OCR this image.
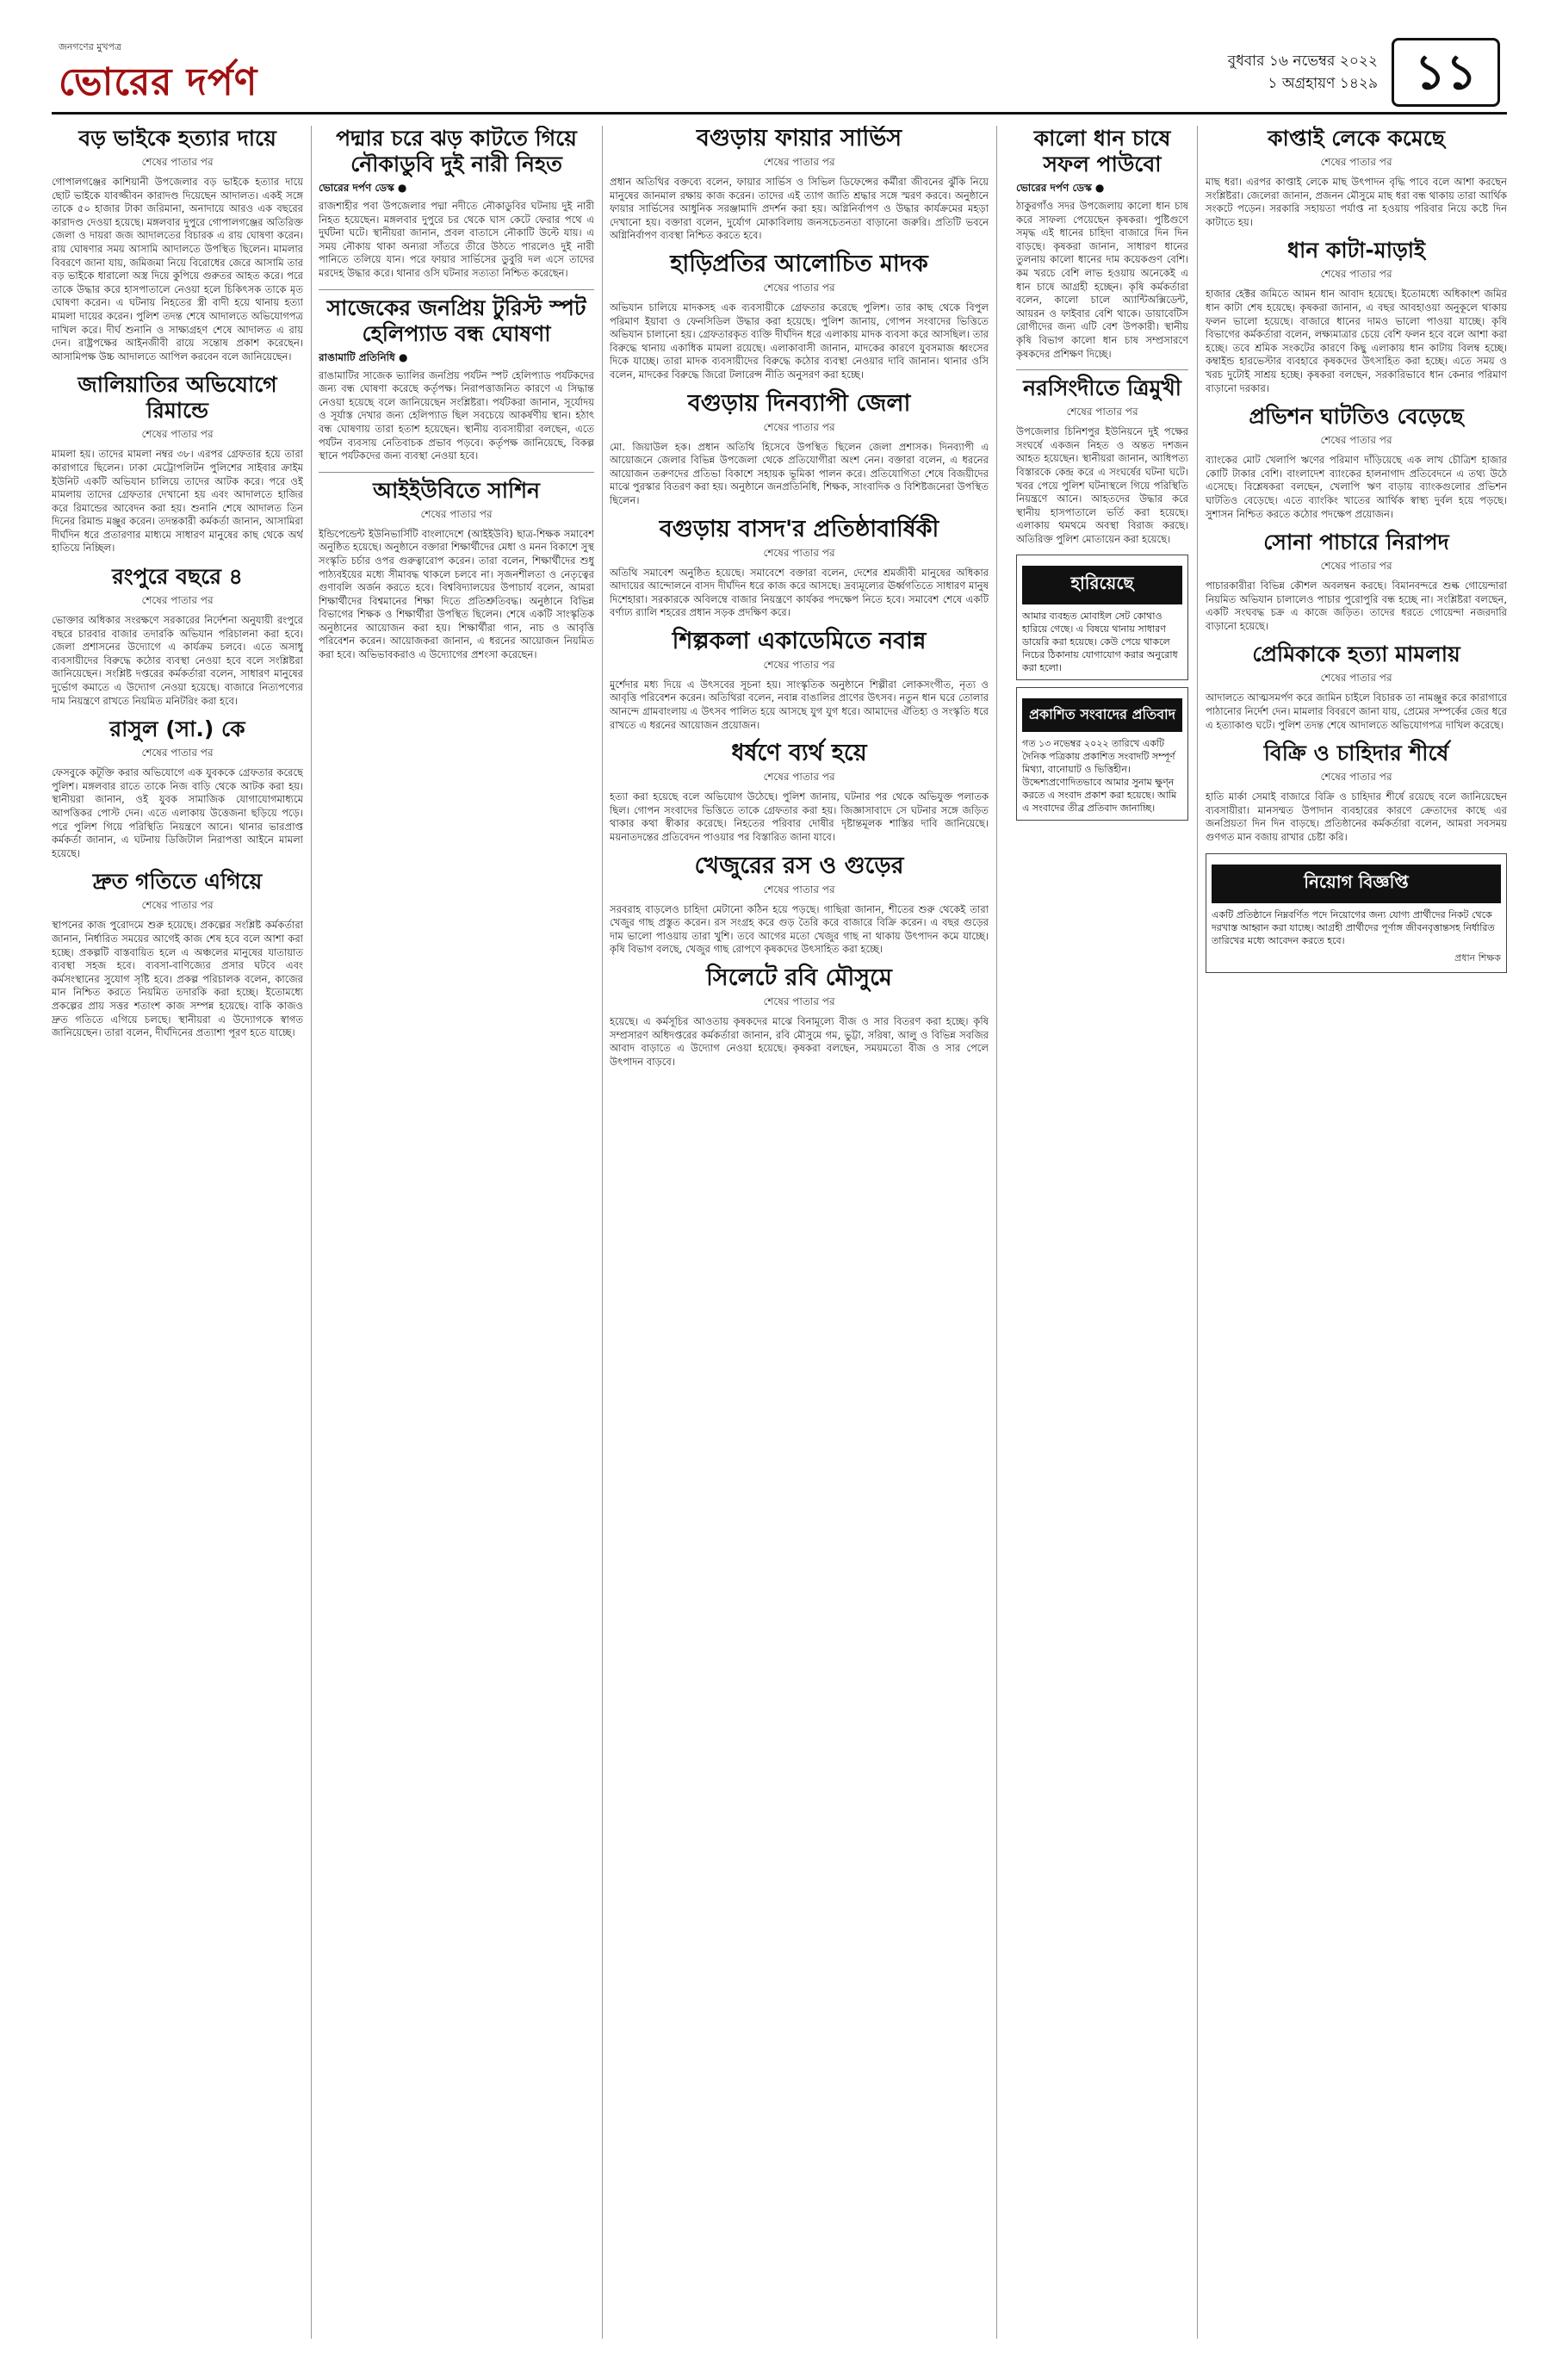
জনগণের মুখপত্র
ভোরের দর্পণ	বুধবার ১৬ নভেম্বর ২০২২
১ অগ্রহায়ণ ১৪২৯ ১১
বড় ভাইকে হত্যার দায়ে
শেষের পাতার পর

গোপালগঞ্জের কাশিয়ানী উপজেলার বড় ভাইকে হত্যার দায়ে ছোট ভাইকে যাবজ্জীবন কারাদণ্ড দিয়েছেন আদালত। একই সঙ্গে তাকে ৫০ হাজার টাকা জরিমানা, অনাদায়ে আরও এক বছরের কারাদণ্ড দেওয়া হয়েছে। মঙ্গলবার দুপুরে গোপালগঞ্জের অতিরিক্ত জেলা ও দায়রা জজ আদালতের বিচারক এ রায় ঘোষণা করেন। রায় ঘোষণার সময় আসামি আদালতে উপস্থিত ছিলেন। মামলার বিবরণে জানা যায়, জমিজমা নিয়ে বিরোধের জেরে আসামি তার বড় ভাইকে ধারালো অস্ত্র দিয়ে কুপিয়ে গুরুতর আহত করে। পরে তাকে উদ্ধার করে হাসপাতালে নেওয়া হলে চিকিৎসক তাকে মৃত ঘোষণা করেন। এ ঘটনায় নিহতের স্ত্রী বাদী হয়ে থানায় হত্যা মামলা দায়ের করেন। পুলিশ তদন্ত শেষে আদালতে অভিযোগপত্র দাখিল করে। দীর্ঘ শুনানি ও সাক্ষ্যগ্রহণ শেষে আদালত এ রায় দেন। রাষ্ট্রপক্ষের আইনজীবী রায়ে সন্তোষ প্রকাশ করেছেন। আসামিপক্ষ উচ্চ আদালতে আপিল করবেন বলে জানিয়েছেন।

জালিয়াতির অভিযোগে রিমান্ডে
শেষের পাতার পর

মামলা হয়। তাদের মামলা নম্বর ৩৮। এরপর গ্রেফতার হয়ে তারা কারাগারে ছিলেন। ঢাকা মেট্রোপলিটন পুলিশের সাইবার ক্রাইম ইউনিট একটি অভিযান চালিয়ে তাদের আটক করে। পরে ওই মামলায় তাদের গ্রেফতার দেখানো হয় এবং আদালতে হাজির করে রিমান্ডের আবেদন করা হয়। শুনানি শেষে আদালত তিন দিনের রিমান্ড মঞ্জুর করেন। তদন্তকারী কর্মকর্তা জানান, আসামিরা দীর্ঘদিন ধরে প্রতারণার মাধ্যমে সাধারণ মানুষের কাছ থেকে অর্থ হাতিয়ে নিচ্ছিল।

রংপুরে বছরে ৪
শেষের পাতার পর

ভোক্তার অধিকার সংরক্ষণে সরকারের নির্দেশনা অনুযায়ী রংপুরে বছরে চারবার বাজার তদারকি অভিযান পরিচালনা করা হবে। জেলা প্রশাসনের উদ্যোগে এ কার্যক্রম চলবে। এতে অসাধু ব্যবসায়ীদের বিরুদ্ধে কঠোর ব্যবস্থা নেওয়া হবে বলে সংশ্লিষ্টরা জানিয়েছেন। সংশ্লিষ্ট দপ্তরের কর্মকর্তারা বলেন, সাধারণ মানুষের দুর্ভোগ কমাতে এ উদ্যোগ নেওয়া হয়েছে। বাজারে নিত্যপণ্যের দাম নিয়ন্ত্রণে রাখতে নিয়মিত মনিটরিং করা হবে।

রাসুল (সা.) কে
শেষের পাতার পর

ফেসবুকে কটূক্তি করার অভিযোগে এক যুবককে গ্রেফতার করেছে পুলিশ। মঙ্গলবার রাতে তাকে নিজ বাড়ি থেকে আটক করা হয়। স্থানীয়রা জানান, ওই যুবক সামাজিক যোগাযোগমাধ্যমে আপত্তিকর পোস্ট দেন। এতে এলাকায় উত্তেজনা ছড়িয়ে পড়ে। পরে পুলিশ গিয়ে পরিস্থিতি নিয়ন্ত্রণে আনে। থানার ভারপ্রাপ্ত কর্মকর্তা জানান, এ ঘটনায় ডিজিটাল নিরাপত্তা আইনে মামলা হয়েছে।

দ্রুত গতিতে এগিয়ে
শেষের পাতার পর

স্থাপনের কাজ পুরোদমে শুরু হয়েছে। প্রকল্পের সংশ্লিষ্ট কর্মকর্তারা জানান, নির্ধারিত সময়ের আগেই কাজ শেষ হবে বলে আশা করা হচ্ছে। প্রকল্পটি বাস্তবায়িত হলে এ অঞ্চলের মানুষের যাতায়াত ব্যবস্থা সহজ হবে। ব্যবসা-বাণিজ্যের প্রসার ঘটবে এবং কর্মসংস্থানের সুযোগ সৃষ্টি হবে। প্রকল্প পরিচালক বলেন, কাজের মান নিশ্চিত করতে নিয়মিত তদারকি করা হচ্ছে। ইতোমধ্যে প্রকল্পের প্রায় সত্তর শতাংশ কাজ সম্পন্ন হয়েছে। বাকি কাজও দ্রুত গতিতে এগিয়ে চলছে। স্থানীয়রা এ উদ্যোগকে স্বাগত জানিয়েছেন। তারা বলেন, দীর্ঘদিনের প্রত্যাশা পূরণ হতে যাচ্ছে।

পদ্মার চরে ঝড় কাটতে গিয়ে নৌকাডুবি দুই নারী নিহত
ভোরের দর্পণ ডেস্ক ●

রাজশাহীর পবা উপজেলার পদ্মা নদীতে নৌকাডুবির ঘটনায় দুই নারী নিহত হয়েছেন। মঙ্গলবার দুপুরে চর থেকে ঘাস কেটে ফেরার পথে এ দুর্ঘটনা ঘটে। স্থানীয়রা জানান, প্রবল বাতাসে নৌকাটি উল্টে যায়। এ সময় নৌকায় থাকা অন্যরা সাঁতরে তীরে উঠতে পারলেও দুই নারী পানিতে তলিয়ে যান। পরে ফায়ার সার্ভিসের ডুবুরি দল এসে তাদের মরদেহ উদ্ধার করে। থানার ওসি ঘটনার সত্যতা নিশ্চিত করেছেন।

সাজেকের জনপ্রিয় টুরিস্ট স্পট হেলিপ্যাড বন্ধ ঘোষণা
রাঙামাটি প্রতিনিধি ●

রাঙামাটির সাজেক ভ্যালির জনপ্রিয় পর্যটন স্পট হেলিপ্যাড পর্যটকদের জন্য বন্ধ ঘোষণা করেছে কর্তৃপক্ষ। নিরাপত্তাজনিত কারণে এ সিদ্ধান্ত নেওয়া হয়েছে বলে জানিয়েছেন সংশ্লিষ্টরা। পর্যটকরা জানান, সূর্যোদয় ও সূর্যাস্ত দেখার জন্য হেলিপ্যাড ছিল সবচেয়ে আকর্ষণীয় স্থান। হঠাৎ বন্ধ ঘোষণায় তারা হতাশ হয়েছেন। স্থানীয় ব্যবসায়ীরা বলছেন, এতে পর্যটন ব্যবসায় নেতিবাচক প্রভাব পড়বে। কর্তৃপক্ষ জানিয়েছে, বিকল্প স্থানে পর্যটকদের জন্য ব্যবস্থা নেওয়া হবে।

আইইউবিতে সাশিন
শেষের পাতার পর

ইন্ডিপেন্ডেন্ট ইউনিভার্সিটি বাংলাদেশে (আইইউবি) ছাত্র-শিক্ষক সমাবেশ অনুষ্ঠিত হয়েছে। অনুষ্ঠানে বক্তারা শিক্ষার্থীদের মেধা ও মনন বিকাশে সুস্থ সংস্কৃতি চর্চার ওপর গুরুত্বারোপ করেন। তারা বলেন, শিক্ষার্থীদের শুধু পাঠ্যবইয়ের মধ্যে সীমাবদ্ধ থাকলে চলবে না। সৃজনশীলতা ও নেতৃত্বের গুণাবলি অর্জন করতে হবে। বিশ্ববিদ্যালয়ের উপাচার্য বলেন, আমরা শিক্ষার্থীদের বিশ্বমানের শিক্ষা দিতে প্রতিশ্রুতিবদ্ধ। অনুষ্ঠানে বিভিন্ন বিভাগের শিক্ষক ও শিক্ষার্থীরা উপস্থিত ছিলেন। শেষে একটি সাংস্কৃতিক অনুষ্ঠানের আয়োজন করা হয়। শিক্ষার্থীরা গান, নাচ ও আবৃত্তি পরিবেশন করেন। আয়োজকরা জানান, এ ধরনের আয়োজন নিয়মিত করা হবে। অভিভাবকরাও এ উদ্যোগের প্রশংসা করেছেন।

বগুড়ায় ফায়ার সার্ভিস
শেষের পাতার পর

প্রধান অতিথির বক্তব্যে বলেন, ফায়ার সার্ভিস ও সিভিল ডিফেন্সের কর্মীরা জীবনের ঝুঁকি নিয়ে মানুষের জানমাল রক্ষায় কাজ করেন। তাদের এই ত্যাগ জাতি শ্রদ্ধার সঙ্গে স্মরণ করবে। অনুষ্ঠানে ফায়ার সার্ভিসের আধুনিক সরঞ্জামাদি প্রদর্শন করা হয়। অগ্নিনির্বাপণ ও উদ্ধার কার্যক্রমের মহড়া দেখানো হয়। বক্তারা বলেন, দুর্যোগ মোকাবিলায় জনসচেতনতা বাড়ানো জরুরি। প্রতিটি ভবনে অগ্নিনির্বাপণ ব্যবস্থা নিশ্চিত করতে হবে।

হাড়িপ্রতির আলোচিত মাদক
শেষের পাতার পর

অভিযান চালিয়ে মাদকসহ এক ব্যবসায়ীকে গ্রেফতার করেছে পুলিশ। তার কাছ থেকে বিপুল পরিমাণ ইয়াবা ও ফেনসিডিল উদ্ধার করা হয়েছে। পুলিশ জানায়, গোপন সংবাদের ভিত্তিতে অভিযান চালানো হয়। গ্রেফতারকৃত ব্যক্তি দীর্ঘদিন ধরে এলাকায় মাদক ব্যবসা করে আসছিল। তার বিরুদ্ধে থানায় একাধিক মামলা রয়েছে। এলাকাবাসী জানান, মাদকের কারণে যুবসমাজ ধ্বংসের দিকে যাচ্ছে। তারা মাদক ব্যবসায়ীদের বিরুদ্ধে কঠোর ব্যবস্থা নেওয়ার দাবি জানান। থানার ওসি বলেন, মাদকের বিরুদ্ধে জিরো টলারেন্স নীতি অনুসরণ করা হচ্ছে।

বগুড়ায় দিনব্যাপী জেলা
শেষের পাতার পর

মো. জিয়াউল হক। প্রধান অতিথি হিসেবে উপস্থিত ছিলেন জেলা প্রশাসক। দিনব্যাপী এ আয়োজনে জেলার বিভিন্ন উপজেলা থেকে প্রতিযোগীরা অংশ নেন। বক্তারা বলেন, এ ধরনের আয়োজন তরুণদের প্রতিভা বিকাশে সহায়ক ভূমিকা পালন করে। প্রতিযোগিতা শেষে বিজয়ীদের মাঝে পুরস্কার বিতরণ করা হয়। অনুষ্ঠানে জনপ্রতিনিধি, শিক্ষক, সাংবাদিক ও বিশিষ্টজনেরা উপস্থিত ছিলেন।

বগুড়ায় বাসদ'র প্রতিষ্ঠাবার্ষিকী
শেষের পাতার পর

অতিথি সমাবেশ অনুষ্ঠিত হয়েছে। সমাবেশে বক্তারা বলেন, দেশের শ্রমজীবী মানুষের অধিকার আদায়ের আন্দোলনে বাসদ দীর্ঘদিন ধরে কাজ করে আসছে। দ্রব্যমূল্যের ঊর্ধ্বগতিতে সাধারণ মানুষ দিশেহারা। সরকারকে অবিলম্বে বাজার নিয়ন্ত্রণে কার্যকর পদক্ষেপ নিতে হবে। সমাবেশ শেষে একটি বর্ণাঢ্য র‍্যালি শহরের প্রধান সড়ক প্রদক্ষিণ করে।

শিল্পকলা একাডেমিতে নবান্ন
শেষের পাতার পর

মুর্শেদার মধ্য দিয়ে এ উৎসবের সূচনা হয়। সাংস্কৃতিক অনুষ্ঠানে শিল্পীরা লোকসংগীত, নৃত্য ও আবৃত্তি পরিবেশন করেন। অতিথিরা বলেন, নবান্ন বাঙালির প্রাণের উৎসব। নতুন ধান ঘরে তোলার আনন্দে গ্রামবাংলায় এ উৎসব পালিত হয়ে আসছে যুগ যুগ ধরে। আমাদের ঐতিহ্য ও সংস্কৃতি ধরে রাখতে এ ধরনের আয়োজন প্রয়োজন।

ধর্ষণে ব্যর্থ হয়ে
শেষের পাতার পর

হত্যা করা হয়েছে বলে অভিযোগ উঠেছে। পুলিশ জানায়, ঘটনার পর থেকে অভিযুক্ত পলাতক ছিল। গোপন সংবাদের ভিত্তিতে তাকে গ্রেফতার করা হয়। জিজ্ঞাসাবাদে সে ঘটনার সঙ্গে জড়িত থাকার কথা স্বীকার করেছে। নিহতের পরিবার দোষীর দৃষ্টান্তমূলক শাস্তির দাবি জানিয়েছে। ময়নাতদন্তের প্রতিবেদন পাওয়ার পর বিস্তারিত জানা যাবে।

খেজুরের রস ও গুড়ের
শেষের পাতার পর

সরবরাহ বাড়লেও চাহিদা মেটানো কঠিন হয়ে পড়ছে। গাছিরা জানান, শীতের শুরু থেকেই তারা খেজুর গাছ প্রস্তুত করেন। রস সংগ্রহ করে গুড় তৈরি করে বাজারে বিক্রি করেন। এ বছর গুড়ের দাম ভালো পাওয়ায় তারা খুশি। তবে আগের মতো খেজুর গাছ না থাকায় উৎপাদন কমে যাচ্ছে। কৃষি বিভাগ বলছে, খেজুর গাছ রোপণে কৃষকদের উৎসাহিত করা হচ্ছে।

সিলেটে রবি মৌসুমে
শেষের পাতার পর

হয়েছে। এ কর্মসূচির আওতায় কৃষকদের মাঝে বিনামূল্যে বীজ ও সার বিতরণ করা হচ্ছে। কৃষি সম্প্রসারণ অধিদপ্তরের কর্মকর্তারা জানান, রবি মৌসুমে গম, ভুট্টা, সরিষা, আলু ও বিভিন্ন সবজির আবাদ বাড়াতে এ উদ্যোগ নেওয়া হয়েছে। কৃষকরা বলছেন, সময়মতো বীজ ও সার পেলে উৎপাদন বাড়বে।

কালো ধান চাষে সফল পাউবো
ভোরের দর্পণ ডেস্ক ●

ঠাকুরগাঁও সদর উপজেলায় কালো ধান চাষ করে সাফল্য পেয়েছেন কৃষকরা। পুষ্টিগুণে সমৃদ্ধ এই ধানের চাহিদা বাজারে দিন দিন বাড়ছে। কৃষকরা জানান, সাধারণ ধানের তুলনায় কালো ধানের দাম কয়েকগুণ বেশি। কম খরচে বেশি লাভ হওয়ায় অনেকেই এ ধান চাষে আগ্রহী হচ্ছেন। কৃষি কর্মকর্তারা বলেন, কালো চালে অ্যান্টিঅক্সিডেন্ট, আয়রন ও ফাইবার বেশি থাকে। ডায়াবেটিস রোগীদের জন্য এটি বেশ উপকারী। স্থানীয় কৃষি বিভাগ কালো ধান চাষ সম্প্রসারণে কৃষকদের প্রশিক্ষণ দিচ্ছে।

নরসিংদীতে ত্রিমুখী
শেষের পাতার পর

উপজেলার চিনিশপুর ইউনিয়নে দুই পক্ষের সংঘর্ষে একজন নিহত ও অন্তত দশজন আহত হয়েছেন। স্থানীয়রা জানান, আধিপত্য বিস্তারকে কেন্দ্র করে এ সংঘর্ষের ঘটনা ঘটে। খবর পেয়ে পুলিশ ঘটনাস্থলে গিয়ে পরিস্থিতি নিয়ন্ত্রণে আনে। আহতদের উদ্ধার করে স্থানীয় হাসপাতালে ভর্তি করা হয়েছে। এলাকায় থমথমে অবস্থা বিরাজ করছে। অতিরিক্ত পুলিশ মোতায়েন করা হয়েছে।

হারিয়েছে

আমার ব্যবহৃত মোবাইল সেট কোথাও হারিয়ে গেছে। এ বিষয়ে থানায় সাধারণ ডায়েরি করা হয়েছে। কেউ পেয়ে থাকলে নিচের ঠিকানায় যোগাযোগ করার অনুরোধ করা হলো।

প্রকাশিত সংবাদের প্রতিবাদ

গত ১৩ নভেম্বর ২০২২ তারিখে একটি দৈনিক পত্রিকায় প্রকাশিত সংবাদটি সম্পূর্ণ মিথ্যা, বানোয়াট ও ভিত্তিহীন। উদ্দেশ্যপ্রণোদিতভাবে আমার সুনাম ক্ষুণ্ন করতে এ সংবাদ প্রকাশ করা হয়েছে। আমি এ সংবাদের তীব্র প্রতিবাদ জানাচ্ছি।

কাপ্তাই লেকে কমেছে
শেষের পাতার পর

মাছ ধরা। এরপর কাপ্তাই লেকে মাছ উৎপাদন বৃদ্ধি পাবে বলে আশা করছেন সংশ্লিষ্টরা। জেলেরা জানান, প্রজনন মৌসুমে মাছ ধরা বন্ধ থাকায় তারা আর্থিক সংকটে পড়েন। সরকারি সহায়তা পর্যাপ্ত না হওয়ায় পরিবার নিয়ে কষ্টে দিন কাটাতে হয়।

ধান কাটা-মাড়াই
শেষের পাতার পর

হাজার হেক্টর জমিতে আমন ধান আবাদ হয়েছে। ইতোমধ্যে অধিকাংশ জমির ধান কাটা শেষ হয়েছে। কৃষকরা জানান, এ বছর আবহাওয়া অনুকূলে থাকায় ফলন ভালো হয়েছে। বাজারে ধানের দামও ভালো পাওয়া যাচ্ছে। কৃষি বিভাগের কর্মকর্তারা বলেন, লক্ষ্যমাত্রার চেয়ে বেশি ফলন হবে বলে আশা করা হচ্ছে। তবে শ্রমিক সংকটের কারণে কিছু এলাকায় ধান কাটায় বিলম্ব হচ্ছে। কম্বাইন্ড হারভেস্টার ব্যবহারে কৃষকদের উৎসাহিত করা হচ্ছে। এতে সময় ও খরচ দুটোই সাশ্রয় হচ্ছে। কৃষকরা বলছেন, সরকারিভাবে ধান কেনার পরিমাণ বাড়ানো দরকার।

প্রভিশন ঘাটতিও বেড়েছে
শেষের পাতার পর

ব্যাংকের মোট খেলাপি ঋণের পরিমাণ দাঁড়িয়েছে এক লাখ চৌত্রিশ হাজার কোটি টাকার বেশি। বাংলাদেশ ব্যাংকের হালনাগাদ প্রতিবেদনে এ তথ্য উঠে এসেছে। বিশ্লেষকরা বলছেন, খেলাপি ঋণ বাড়ায় ব্যাংকগুলোর প্রভিশন ঘাটতিও বেড়েছে। এতে ব্যাংকিং খাতের আর্থিক স্বাস্থ্য দুর্বল হয়ে পড়ছে। সুশাসন নিশ্চিত করতে কঠোর পদক্ষেপ প্রয়োজন।

সোনা পাচারে নিরাপদ
শেষের পাতার পর

পাচারকারীরা বিভিন্ন কৌশল অবলম্বন করছে। বিমানবন্দরে শুল্ক গোয়েন্দারা নিয়মিত অভিযান চালালেও পাচার পুরোপুরি বন্ধ হচ্ছে না। সংশ্লিষ্টরা বলছেন, একটি সংঘবদ্ধ চক্র এ কাজে জড়িত। তাদের ধরতে গোয়েন্দা নজরদারি বাড়ানো হয়েছে।

প্রেমিকাকে হত্যা মামলায়
শেষের পাতার পর

আদালতে আত্মসমর্পণ করে জামিন চাইলে বিচারক তা নামঞ্জুর করে কারাগারে পাঠানোর নির্দেশ দেন। মামলার বিবরণে জানা যায়, প্রেমের সম্পর্কের জের ধরে এ হত্যাকাণ্ড ঘটে। পুলিশ তদন্ত শেষে আদালতে অভিযোগপত্র দাখিল করেছে।

বিক্রি ও চাহিদার শীর্ষে
শেষের পাতার পর

হাতি মার্কা সেমাই বাজারে বিক্রি ও চাহিদার শীর্ষে রয়েছে বলে জানিয়েছেন ব্যবসায়ীরা। মানসম্মত উপাদান ব্যবহারের কারণে ক্রেতাদের কাছে এর জনপ্রিয়তা দিন দিন বাড়ছে। প্রতিষ্ঠানের কর্মকর্তারা বলেন, আমরা সবসময় গুণগত মান বজায় রাখার চেষ্টা করি।

নিয়োগ বিজ্ঞপ্তি

একটি প্রতিষ্ঠানে নিম্নবর্ণিত পদে নিয়োগের জন্য যোগ্য প্রার্থীদের নিকট থেকে দরখাস্ত আহ্বান করা যাচ্ছে। আগ্রহী প্রার্থীদের পূর্ণাঙ্গ জীবনবৃত্তান্তসহ নির্ধারিত তারিখের মধ্যে আবেদন করতে হবে।

প্রধান শিক্ষক
